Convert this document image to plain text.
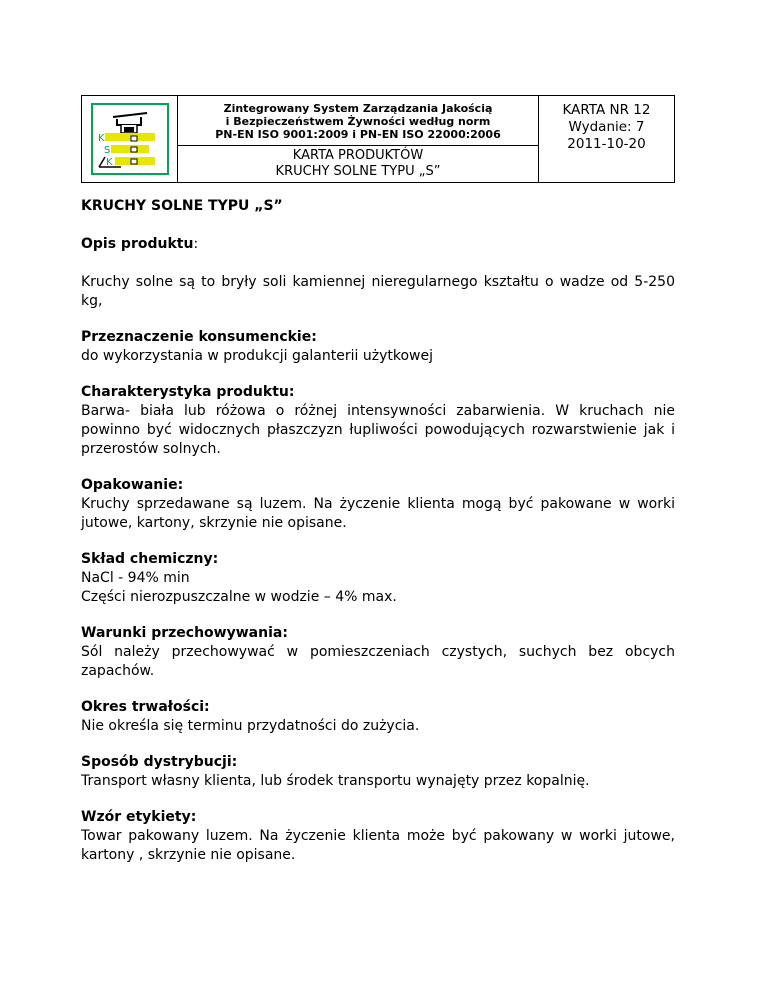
K
S
K

Zintegrowany System Zarządzania Jakością
i Bezpieczeństwem Żywności według norm
PN-EN ISO 9001:2009 i PN-EN ISO 22000:2006

KARTA NR 12
Wydanie: 7
2011-10-20

KARTA PRODUKTÓW
KRUCHY SOLNE TYPU „S”

KRUCHY SOLNE TYPU „S”

Opis produktu:

Kruchy solne są to bryły soli kamiennej nieregularnego kształtu o wadze od 5-250 kg,

Przeznaczenie konsumenckie:

do wykorzystania w produkcji galanterii użytkowej

Charakterystyka produktu:

Barwa- biała lub różowa o różnej intensywności zabarwienia. W kruchach nie powinno być widocznych płaszczyzn łupliwości powodujących rozwarstwienie jak i przerostów solnych.

Opakowanie:

Kruchy sprzedawane są luzem. Na życzenie klienta mogą być pakowane w worki jutowe, kartony, skrzynie nie opisane.

Skład chemiczny:

NaCl - 94% min

Części nierozpuszczalne w wodzie – 4% max.

Warunki przechowywania:

Sól należy przechowywać w pomieszczeniach czystych, suchych bez obcych zapachów.

Okres trwałości:

Nie określa się terminu przydatności do zużycia.

Sposób dystrybucji:

Transport własny klienta, lub środek transportu wynajęty przez kopalnię.

Wzór etykiety:

Towar pakowany luzem. Na życzenie klienta może być pakowany w worki jutowe, kartony , skrzynie nie opisane.
